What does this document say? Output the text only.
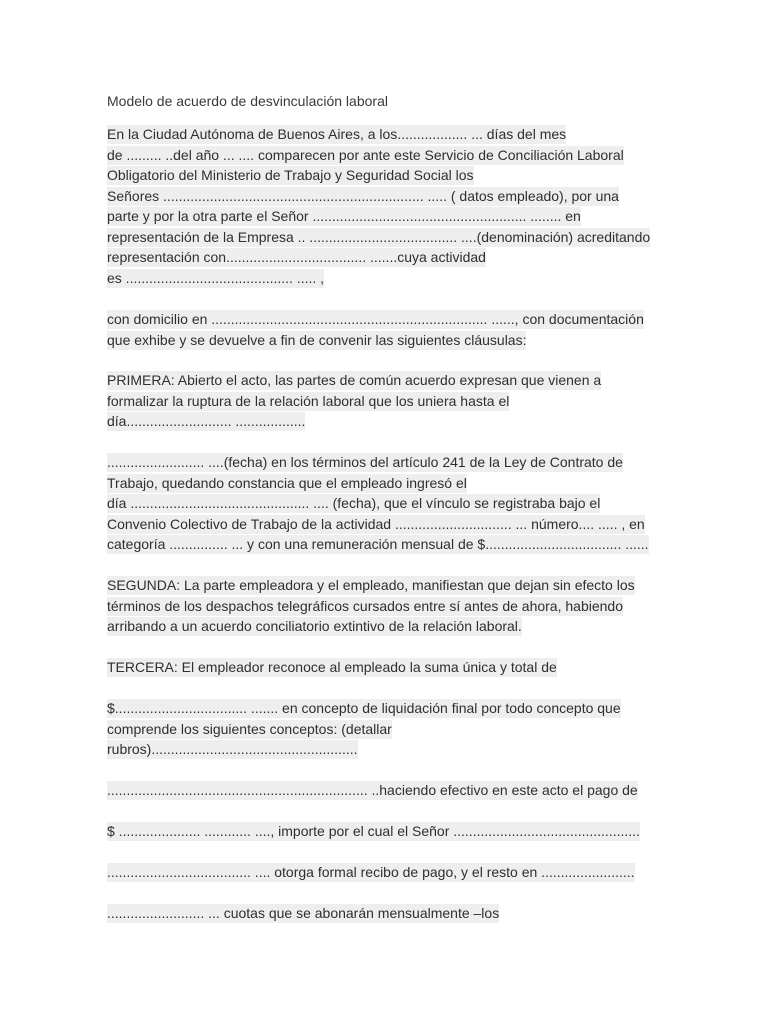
Modelo de acuerdo de desvinculación laboral
En la Ciudad Autónoma de Buenos Aires, a los.................. ... días del mes
de ......... ..del año ... .... comparecen por ante este Servicio de Conciliación Laboral
Obligatorio del Ministerio de Trabajo y Seguridad Social los
Señores ................................................................... ..... ( datos empleado), por una
parte y por la otra parte el Señor ....................................................... ........ en
representación de la Empresa .. ...................................... ....(denominación) acreditando
representación con.................................... .......cuya actividad
es ........................................... ..... ,
con domicilio en ....................................................................... ......, con documentación
que exhibe y se devuelve a fin de convenir las siguientes cláusulas:
PRIMERA: Abierto el acto, las partes de común acuerdo expresan que vienen a
formalizar la ruptura de la relación laboral que los uniera hasta el
día........................... ..................
......................... ....(fecha) en los términos del artículo 241 de la Ley de Contrato de
Trabajo, quedando constancia que el empleado ingresó el
día .............................................. .... (fecha), que el vínculo se registraba bajo el
Convenio Colectivo de Trabajo de la actividad .............................. ... número.... ..... , en
categoría ............... ... y con una remuneración mensual de $................................... ......
SEGUNDA: La parte empleadora y el empleado, manifiestan que dejan sin efecto los
términos de los despachos telegráficos cursados entre sí antes de ahora, habiendo
arribando a un acuerdo conciliatorio extintivo de la relación laboral.
TERCERA: El empleador reconoce al empleado la suma única y total de
$.................................. ....... en concepto de liquidación final por todo concepto que
comprende los siguientes conceptos: (detallar
rubros).....................................................
................................................................... ..haciendo efectivo en este acto el pago de
$ ..................... ............ ...., importe por el cual el Señor ................................................
..................................... .... otorga formal recibo de pago, y el resto en ........................
......................... ... cuotas que se abonarán mensualmente –los
